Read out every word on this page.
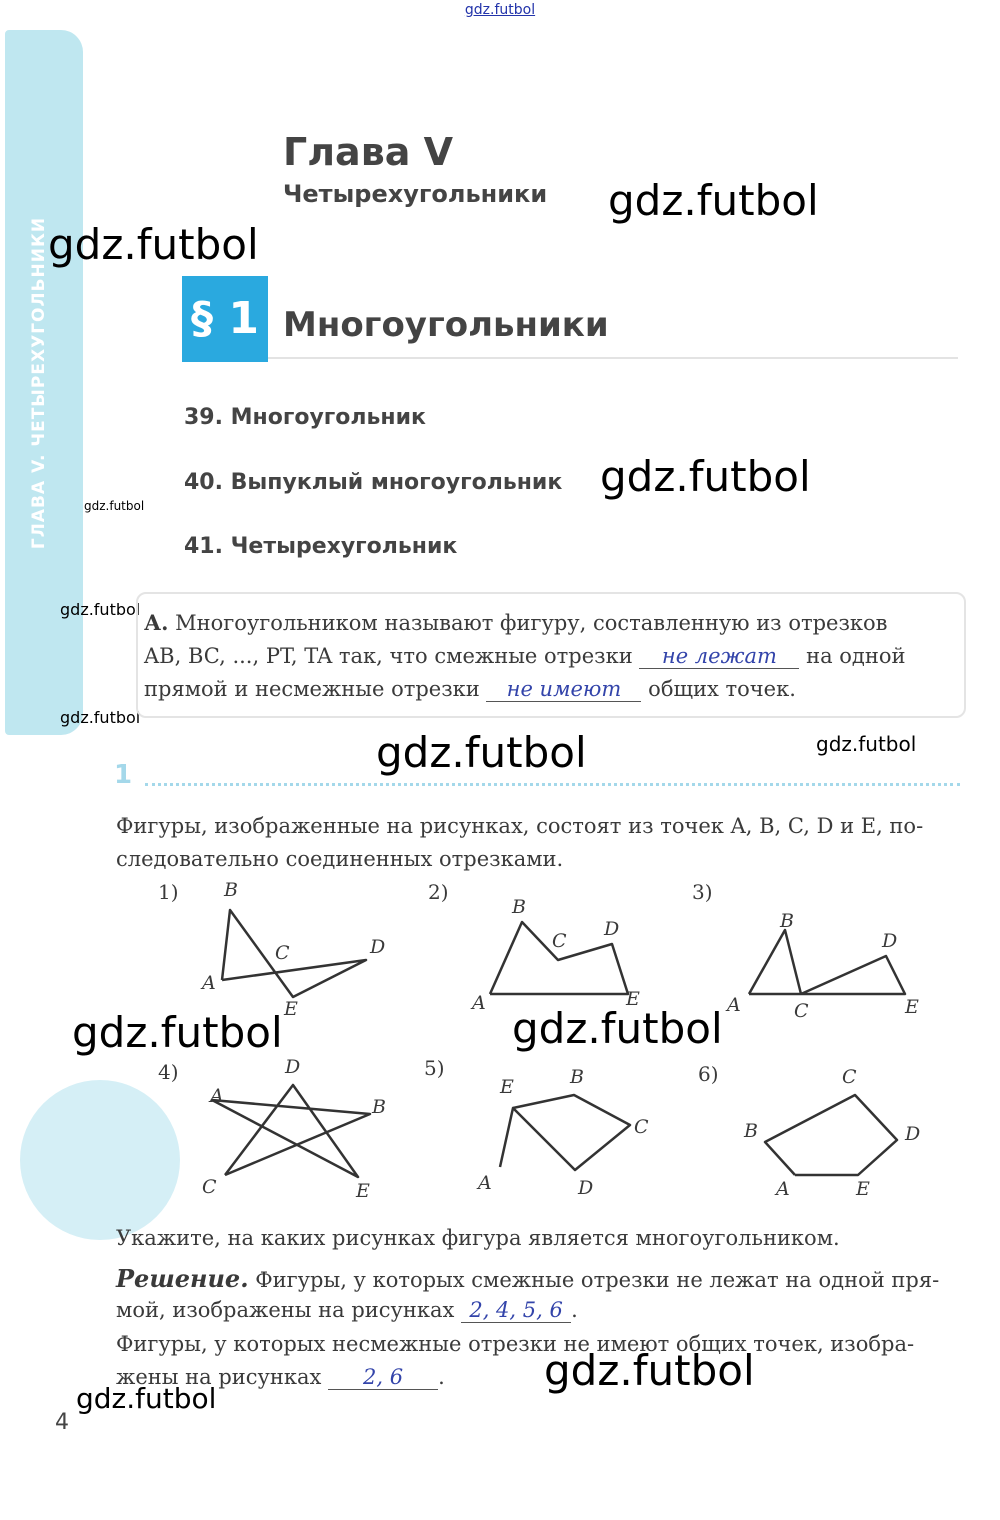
ГЛАВА V. ЧЕТЫРЕХУГОЛЬНИКИ
gdz.futbol
gdz.futbol
gdz.futbol
gdz.futbol
gdz.futbol
gdz.futbol
gdz.futbol
gdz.futbol	gdz.futbol
gdz.futbol	gdz.futbol
gdz.futbol
gdz.futbol
Глава V
Четырехугольники
§ 1 Многоугольники
39. Многоугольник
40. Выпуклый многоугольник
41. Четырехугольник
А. Многоугольником называют фигуру, составленную из отрезков
AB, BC, ..., PT, TA так, что смежные отрезки не лежат на одной
прямой и несмежные отрезки не имеют общих точек.
1
Фигуры, изображенные на рисунках, состоят из точек A, B, C, D и E, по-
следовательно соединенных отрезками.
1)	2)	3)
4)	5)	6)
B
C	D
A
E
B
C
D
A	E
B
D
A	C	E
D
A	B
C	E
E	B
C
A	D
C
B	D
A	E
Укажите, на каких рисунках фигура является многоугольником.
Решение. Фигуры, у которых смежные отрезки не лежат на одной пря-
мой, изображены на рисунках 2, 4, 5, 6 .
Фигуры, у которых несмежные отрезки не имеют общих точек, изобра-
жены на рисунках 2, 6 .
4
